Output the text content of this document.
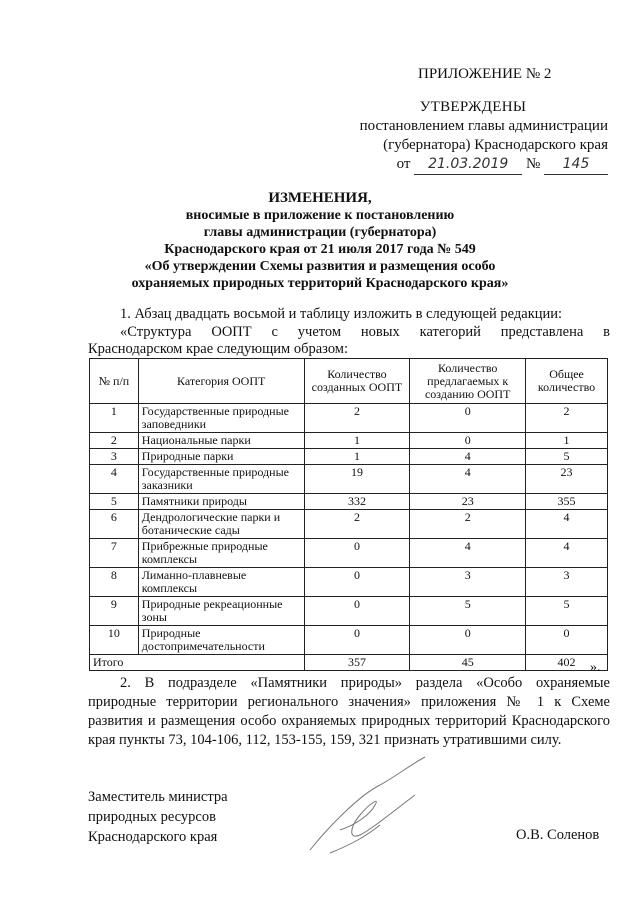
ПРИЛОЖЕНИЕ № 2
УТВЕРЖДЕНЫ
постановлением главы администрации
(губернатора) Краснодарского края
от 21.03.2019 № 145
ИЗМЕНЕНИЯ,
вносимые в приложение к постановлению
главы администрации (губернатора)
Краснодарского края от 21 июля 2017 года № 549
«Об утверждении Схемы развития и размещения особо
охраняемых природных территорий Краснодарского края»
1. Абзац двадцать восьмой и таблицу изложить в следующей редакции:
«Структура ООПТ с учетом новых категорий представлена в
Краснодарском крае следующим образом:
№ п/п	Категория ООПТ	Количество созданных ООПТ	Количество предлагаемых к созданию ООПТ	Общее количество
1	Государственные природные заповедники	2	0	2
2	Национальные парки	1	0	1
3	Природные парки	1	4	5
4	Государственные природные заказники	19	4	23
5	Памятники природы	332	23	355
6	Дендрологические парки и ботанические сады	2	2	4
7	Прибрежные природные комплексы	0	4	4
8	Лиманно-плавневые комплексы	0	3	3
9	Природные рекреационные зоны	0	5	5
10	Природные достопримечательности	0	0	0
Итого		357	45	402 ».
2. В подразделе «Памятники природы» раздела «Особо охраняемые природные территории регионального значения» приложения № 1 к Схеме развития и размещения особо охраняемых природных территорий Краснодарского края пункты 73, 104-106, 112, 153-155, 159, 321 признать утратившими силу.
Заместитель министра
природных ресурсов
Краснодарского края	О.В. Соленов
